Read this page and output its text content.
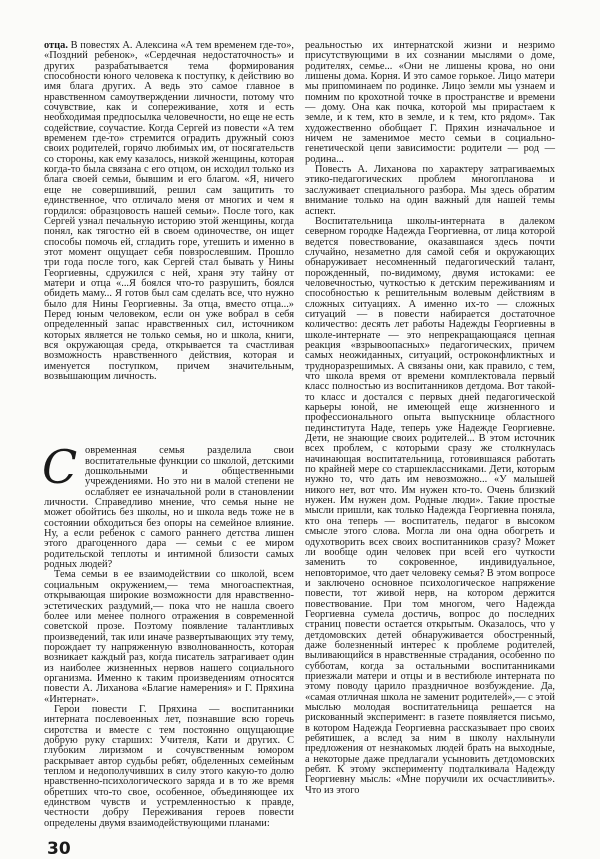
отца. В повестях А. Алексина «А тем временем где-то», «Поздний ребенок», «Сердечная недостаточность» и других разрабатывается тема формирования способности юного человека к поступку, к действию во имя блага других. А ведь это самое главное в нравственном самоутверждении личности, потому что сочувствие, как и сопереживание, хотя и есть необходимая предпосылка человечности, но еще не есть содействие, соучастие. Когда Сергей из повести «А тем временем где-то» стремится оградить дружный союз своих родителей, горячо любимых им, от посягательств со стороны, как ему казалось, низкой женщины, которая когда-то была связана с его отцом, он исходил только из блага своей семьи, бывшим и его благом. «Я, ничего еще не совершивший, решил сам защитить то единственное, что отличало меня от многих и чем я гордился: образцовость нашей семьи». После того, как Сергей узнал печальную историю этой женщины, когда понял, как тягостно ей в своем одиночестве, он ищет способы помочь ей, сгладить горе, утешить и именно в этот момент ощущает себя повзрослевшим. Прошло три года после того, как Сергей стал бывать у Нины Георгиевны, сдружился с ней, храня эту тайну от матери и отца «...Я боялся что-то разрушить, боялся обидеть маму... Я готов был сам сделать все, что нужно было для Нины Георгиевны. За отца, вместо отца...» Перед юным человеком, если он уже вобрал в себя определенный запас нравственных сил, источником которых является не только семья, но и школа, книги, вся окружающая среда, открывается та счастливая возможность нравственного действия, которая и именуется поступком, причем значительным, возвышающим личность.

Современная семья разделила свои воспитательные функции со школой, детскими дошкольными и общественными учреждениями. Но это ни в малой степени не ослабляет ее изначальной роли в становлении личности. Справедливо мнение, что семья ныне не может обойтись без школы, но и школа ведь тоже не в состоянии обходиться без опоры на семейное влияние. Ну, а если ребенок с самого раннего детства лишен этого драгоценного дара — семьи с ее миром родительской теплоты и интимной близости самых родных людей?

Тема семьи в ее взаимодействии со школой, всем социальным окружением,— тема многоаспектная, открывающая широкие возможности для нравственно-эстетических раздумий,— пока что не нашла своего более или менее полного отражения в современной советской прозе. Поэтому появление талантливых произведений, так или иначе развертывающих эту тему, порождает ту напряженную взволнованность, которая возникает каждый раз, когда писатель затрагивает один из наиболее жизненных нервов нашего социального организма. Именно к таким произведениям относятся повести А. Лиханова «Благие намерения» и Г. Пряхина «Интернат».

Герои повести Г. Пряхина — воспитанники интерната послевоенных лет, познавшие всю горечь сиротства и вместе с тем постоянно ощущающие добрую руку старших: Учителя, Кати и других. С глубоким лиризмом и сочувственным юмором раскрывает автор судьбы ребят, обделенных семейным теплом и недополучивших в силу этого какую-то долю нравственно-психологического заряда и в то же время обретших что-то свое, особенное, объединяющее их единством чувств и устремленностью к правде, честности добру Переживания героев повести определены двумя взаимодействующими планами:

30

реальностью их интернатской жизни и незримо присутствующими в их сознании мыслями о доме, родителях, семье... «Они не лишены крова, но они лишены дома. Корня. И это самое горькое. Лицо матери мы припоминаем по родинке. Лицо земли мы узнаем и помним по крохотной точке в пространстве и времени — дому. Она как почка, которой мы прирастаем к земле, и к тем, кто в земле, и к тем, кто рядом». Так художественно обобщает Г. Пряхин изначальное и ничем не заменимое место семьи в социально-генетической цепи зависимости: родители — род — родина...

Повесть А. Лиханова по характеру затрагиваемых этико-педагогических проблем многопланова и заслуживает специального разбора. Мы здесь обратим внимание только на один важный для нашей темы аспект.

Воспитательница школы-интерната в далеком северном городке Надежда Георгиевна, от лица которой ведется повествование, оказавшаяся здесь почти случайно, незаметно для самой себя и окружающих обнаруживает несомненный педагогический талант, порожденный, по-видимому, двумя истоками: ее человечностью, чуткостью к детским переживаниям и способностью к решительным волевым действиям в сложных ситуациях. А именно их-то — сложных ситуаций — в повести набирается достаточное количество: десять лет работы Надежды Георгиевны в школе-интернате — это непрекращающаяся цепная реакция «взрывоопасных» педагогических, причем самых неожиданных, ситуаций, остроконфликтных и трудноразрешимых. А связаны они, как правило, с тем, что школа время от времени комплектовала первый класс полностью из воспитанников детдома. Вот такой-то класс и достался с первых дней педагогической карьеры юной, не имеющей еще жизненного и профессионального опыта выпускнице областного пединститута Наде, теперь уже Надежде Георгиевне. Дети, не знающие своих родителей... В этом источник всех проблем, с которыми сразу же столкнулась начинающая воспитательница, готовившаяся работать по крайней мере со старшеклассниками. Дети, которым нужно то, что дать им невозможно... «У малышей никого нет, вот что. Им нужен кто-то. Очень близкий нужен. Им нужен дом. Родные люди». Такие простые мысли пришли, как только Надежда Георгиевна поняла, кто она теперь — воспитатель, педагог в высоком смысле этого слова. Могла ли она одна обогреть и одухотворить всех своих воспитанников сразу? Может ли вообще один человек при всей его чуткости заменить то сокровенное, индивидуальное, неповторимое, что дает человеку семья? В этом вопросе и заключено основное психологическое напряжение повести, тот живой нерв, на котором держится повествование. При том многом, чего Надежда Георгиевна сумела достичь, вопрос до последних страниц повести остается открытым. Оказалось, что у детдомовских детей обнаруживается обостренный, даже болезненный интерес к проблеме родителей, выливающийся в нравственные страдания, особенно по субботам, когда за остальными воспитанниками приезжали матери и отцы и в вестибюле интерната по этому поводу царило праздничное возбуждение. Да, «самая отличная школа не заменит родителей»,— с этой мыслью молодая воспитательница решается на рискованный эксперимент: в газете появляется письмо, в котором Надежда Георгиевна рассказывает про своих ребятишек, а вслед за ним в школу нахлынули предложения от незнакомых людей брать на выходные, а некоторые даже предлагали усыновить детдомовских ребят. К этому эксперименту подталкивала Надежду Георгиевну мысль: «Мне поручили их осчастливить». Что из этого
